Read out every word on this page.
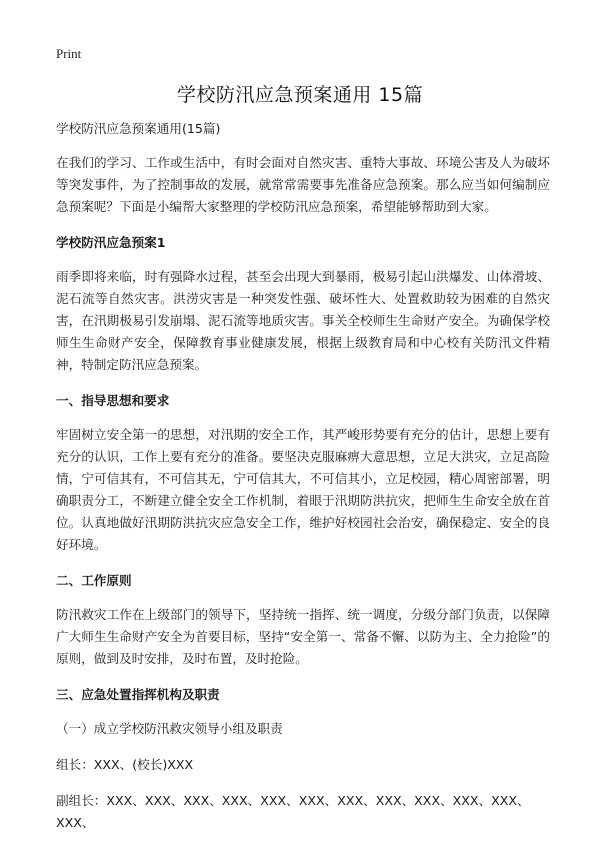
Print
学校防汛应急预案通用 15篇

学校防汛应急预案通用(15篇)

在我们的学习、工作或生活中，有时会面对自然灾害、重特大事故、环境公害及人为破坏等突发事件，为了控制事故的发展，就常常需要事先准备应急预案。那么应当如何编制应急预案呢？下面是小编帮大家整理的学校防汛应急预案，希望能够帮助到大家。

学校防汛应急预案1

雨季即将来临，时有强降水过程，甚至会出现大到暴雨，极易引起山洪爆发、山体滑坡、泥石流等自然灾害。洪涝灾害是一种突发性强、破坏性大、处置救助较为困难的自然灾害，在汛期极易引发崩塌、泥石流等地质灾害。事关全校师生生命财产安全。为确保学校师生生命财产安全，保障教育事业健康发展，根据上级教育局和中心校有关防汛文件精神，特制定防汛应急预案。

一、指导思想和要求

牢固树立安全第一的思想，对汛期的安全工作，其严峻形势要有充分的估计，思想上要有充分的认识，工作上要有充分的准备。要坚决克服麻痹大意思想，立足大洪灾，立足高险情，宁可信其有，不可信其无，宁可信其大，不可信其小，立足校园，精心周密部署，明确职责分工，不断建立健全安全工作机制，着眼于汛期防洪抗灾，把师生生命安全放在首位。认真地做好汛期防洪抗灾应急安全工作，维护好校园社会治安，确保稳定、安全的良好环境。

二、工作原则

防汛救灾工作在上级部门的领导下，坚持统一指挥、统一调度，分级分部门负责，以保障广大师生生命财产安全为首要目标，坚持“安全第一、常备不懈、以防为主、全力抢险”的原则，做到及时安排，及时布置，及时抢险。

三、应急处置指挥机构及职责

（一）成立学校防汛救灾领导小组及职责

组长：XXX、(校长)XXX

副组长：XXX、XXX、XXX、XXX、XXX、XXX、XXX、XXX、XXX、XXX、XXX、XXX、
